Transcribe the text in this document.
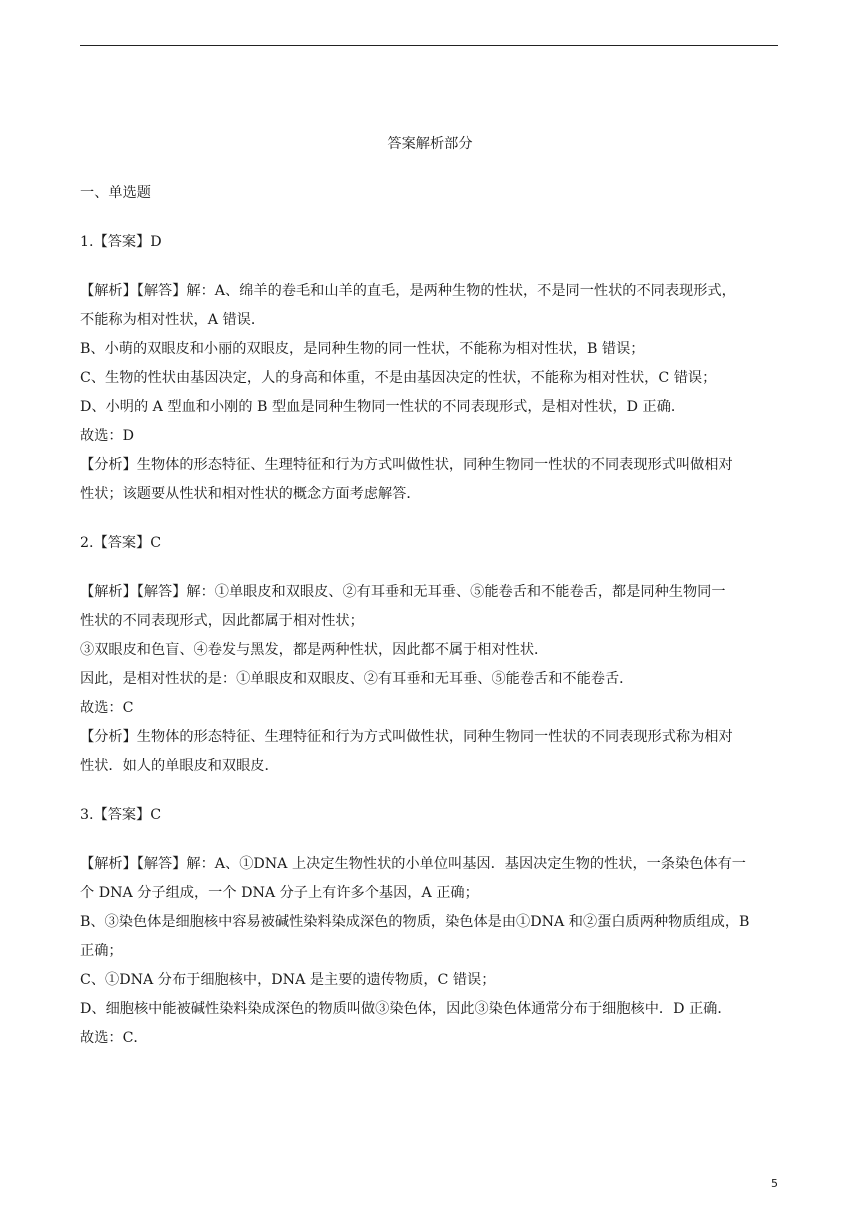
答案解析部分
一、单选题
1.【答案】D

【解析】【解答】解：A、绵羊的卷毛和山羊的直毛，是两种生物的性状，不是同一性状的不同表现形式，

不能称为相对性状，A 错误．

B、小萌的双眼皮和小丽的双眼皮，是同种生物的同一性状，不能称为相对性状，B 错误；

C、生物的性状由基因决定，人的身高和体重，不是由基因决定的性状，不能称为相对性状，C 错误；

D、小明的 A 型血和小刚的 B 型血是同种生物同一性状的不同表现形式，是相对性状，D 正确．

故选：D

【分析】生物体的形态特征、生理特征和行为方式叫做性状，同种生物同一性状的不同表现形式叫做相对

性状；该题要从性状和相对性状的概念方面考虑解答．

2.【答案】C

【解析】【解答】解：①单眼皮和双眼皮、②有耳垂和无耳垂、⑤能卷舌和不能卷舌，都是同种生物同一

性状的不同表现形式，因此都属于相对性状；

③双眼皮和色盲、④卷发与黑发，都是两种性状，因此都不属于相对性状．

因此，是相对性状的是：①单眼皮和双眼皮、②有耳垂和无耳垂、⑤能卷舌和不能卷舌．

故选：C

【分析】生物体的形态特征、生理特征和行为方式叫做性状，同种生物同一性状的不同表现形式称为相对

性状．如人的单眼皮和双眼皮．

3.【答案】C

【解析】【解答】解：A、①DNA 上决定生物性状的小单位叫基因．基因决定生物的性状，一条染色体有一

个 DNA 分子组成，一个 DNA 分子上有许多个基因，A 正确；

B、③染色体是细胞核中容易被碱性染料染成深色的物质，染色体是由①DNA 和②蛋白质两种物质组成，B

正确；

C、①DNA 分布于细胞核中，DNA 是主要的遗传物质，C 错误；

D、细胞核中能被碱性染料染成深色的物质叫做③染色体，因此③染色体通常分布于细胞核中．D 正确．

故选：C．

5
